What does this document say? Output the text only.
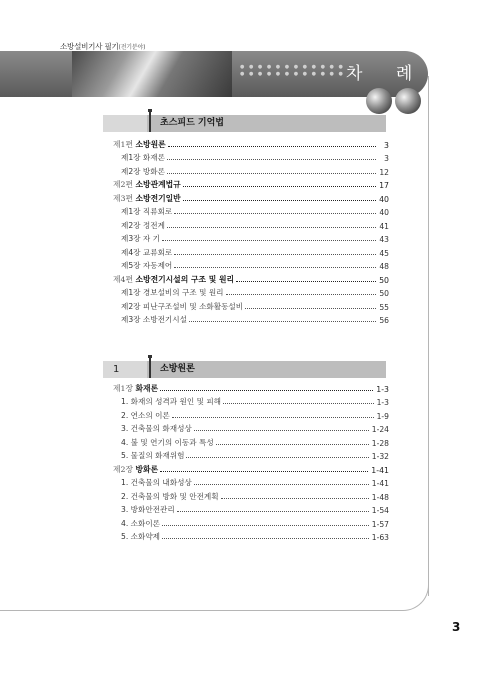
소방설비기사 필기(전기분야)
● ● ● ● ● ● ● ● ● ● ● ●
● ● ● ● ● ● ● ● ● ● ● ● 차 례
초스피드 기억법
제1편 소방원론	3
제1장 화재론	3
제2장 방화론	12
제2편 소방관계법규	17
제3편 소방전기일반	40
제1장 직류회로	40
제2장 정전계	41
제3장 자 기	43
제4장 교류회로	45
제5장 자동제어	48
제4편 소방전기시설의 구조 및 원리	50
제1장 경보설비의 구조 및 원리	50
제2장 피난구조설비 및 소화활동설비	55
제3장 소방전기시설	56
1	소방원론
제1장 화재론	1-3
1. 화재의 성격과 원인 및 피해	1-3
2. 연소의 이론	1-9
3. 건축물의 화재성상	1-24
4. 불 및 연기의 이동과 특성	1-28
5. 물질의 화재위험	1-32
제2장 방화론	1-41
1. 건축물의 내화성상	1-41
2. 건축물의 방화 및 안전계획	1-48
3. 방화안전관리	1-54
4. 소화이론	1-57
5. 소화약제	1-63
3
